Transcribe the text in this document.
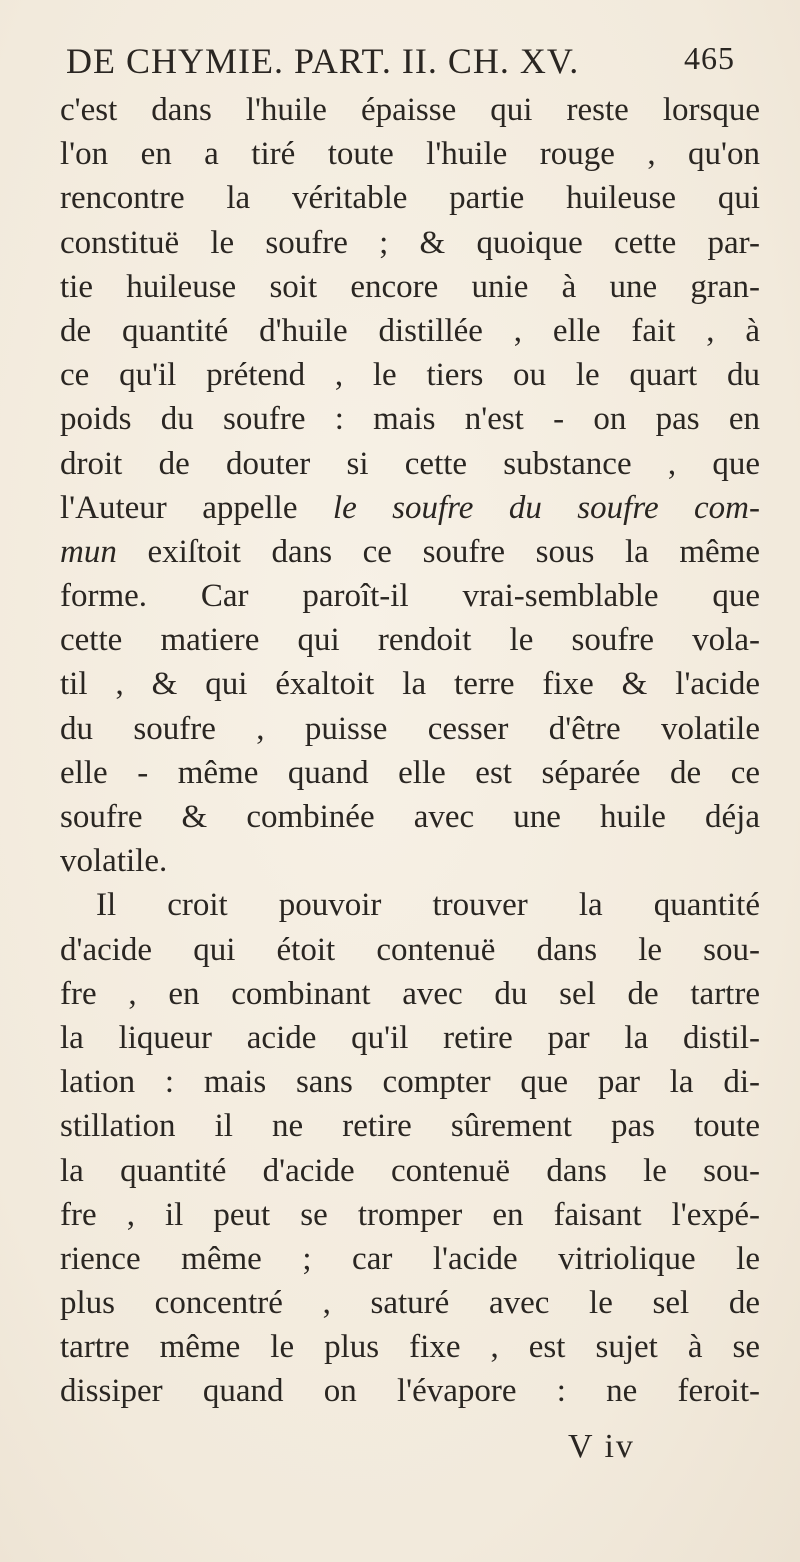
DE CHYMIE. PART. II. CH. XV.	465
c'est dans l'huile épaisse qui reste lorsque
l'on en a tiré toute l'huile rouge , qu'on
rencontre la véritable partie huileuse qui
constituë le soufre ; & quoique cette par-
tie huileuse soit encore unie à une gran-
de quantité d'huile distillée , elle fait , à
ce qu'il prétend , le tiers ou le quart du
poids du soufre : mais n'est - on pas en
droit de douter si cette substance , que
l'Auteur appelle le soufre du soufre com-
mun exiſtoit dans ce soufre sous la même
forme. Car paroît-il vrai-semblable que
cette matiere qui rendoit le soufre vola-
til , & qui éxaltoit la terre fixe & l'acide
du soufre , puisse cesser d'être volatile
elle - même quand elle est séparée de ce
soufre & combinée avec une huile déja
volatile.
Il croit pouvoir trouver la quantité
d'acide qui étoit contenuë dans le sou-
fre , en combinant avec du sel de tartre
la liqueur acide qu'il retire par la distil-
lation : mais sans compter que par la di-
stillation il ne retire sûrement pas toute
la quantité d'acide contenuë dans le sou-
fre , il peut se tromper en faisant l'expé-
rience même ; car l'acide vitriolique le
plus concentré , saturé avec le sel de
tartre même le plus fixe , est sujet à se
dissiper quand on l'évapore : ne feroit-
V iv
